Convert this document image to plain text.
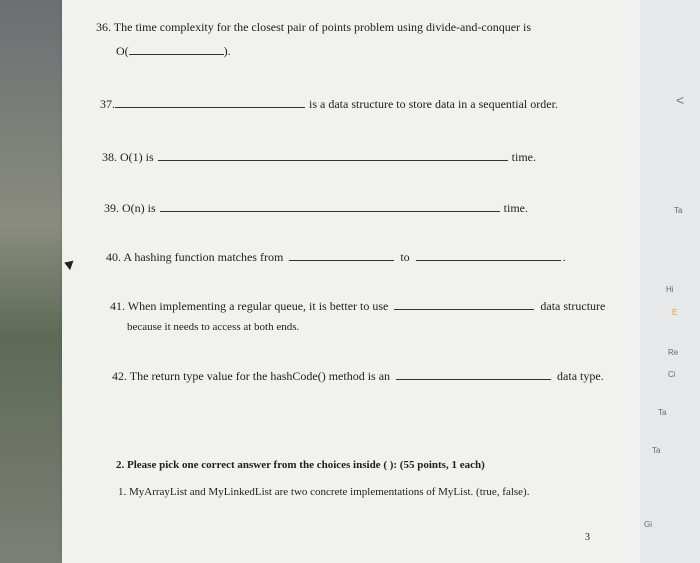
36. The time complexity for the closest pair of points problem using divide-and-conquer is
O(	).
37.	is a data structure to store data in a sequential order.
38. O(1) is	time.
39. O(n) is	time.
40. A hashing function matches from	to	.
41. When implementing a regular queue, it is better to use	data structure
because it needs to access at both ends.
42. The return type value for the hashCode() method is an	data type.
2. Please pick one correct answer from the choices inside ( ): (55 points, 1 each)
1. MyArrayList and MyLinkedList are two concrete implementations of MyList. (true, false).
3
Ta
Hi
E
Re
Ci
Ta
Ta
Gi
<
